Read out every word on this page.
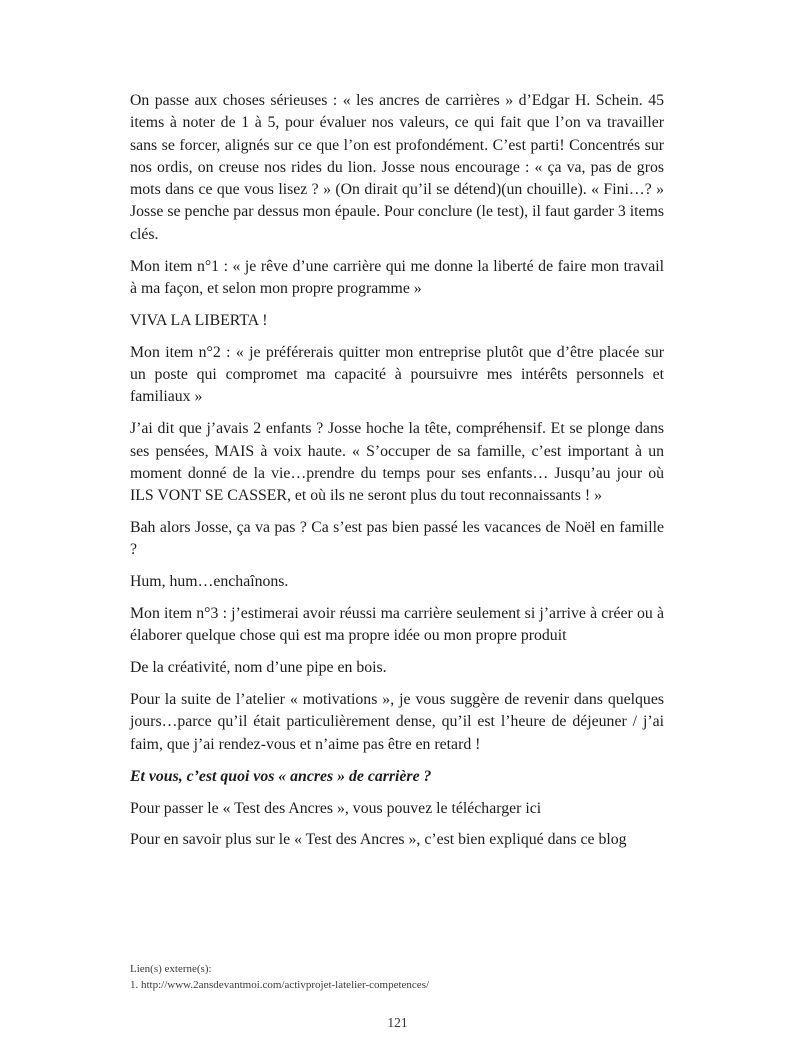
On passe aux choses sérieuses : « les ancres de carrières » d’Edgar H. Schein. 45 items à noter de 1 à 5, pour évaluer nos valeurs, ce qui fait que l’on va travailler sans se forcer, alignés sur ce que l’on est profondément. C’est parti! Concentrés sur nos ordis, on creuse nos rides du lion. Josse nous encourage : « ça va, pas de gros mots dans ce que vous lisez ? » (On dirait qu’il se détend)(un chouille). « Fini…? » Josse se penche par dessus mon épaule. Pour conclure (le test), il faut garder 3 items clés.

Mon item n°1 : « je rêve d’une carrière qui me donne la liberté de faire mon travail à ma façon, et selon mon propre programme »

VIVA LA LIBERTA !

Mon item n°2 : « je préférerais quitter mon entreprise plutôt que d’être placée sur un poste qui compromet ma capacité à poursuivre mes intérêts personnels et familiaux »

J’ai dit que j’avais 2 enfants ? Josse hoche la tête, compréhensif. Et se plonge dans ses pensées, MAIS à voix haute. « S’occuper de sa famille, c’est important à un moment donné de la vie…prendre du temps pour ses enfants… Jusqu’au jour où ILS VONT SE CASSER, et où ils ne seront plus du tout reconnaissants ! »

Bah alors Josse, ça va pas ? Ca s’est pas bien passé les vacances de Noël en famille ?

Hum, hum…enchaînons.

Mon item n°3 : j’estimerai avoir réussi ma carrière seulement si j’arrive à créer ou à élaborer quelque chose qui est ma propre idée ou mon propre produit

De la créativité, nom d’une pipe en bois.

Pour la suite de l’atelier « motivations », je vous suggère de revenir dans quelques jours…parce qu’il était particulièrement dense, qu’il est l’heure de déjeuner / j’ai faim, que j’ai rendez-vous et n’aime pas être en retard !

Et vous, c’est quoi vos « ancres » de carrière ?

Pour passer le « Test des Ancres », vous pouvez le télécharger ici

Pour en savoir plus sur le « Test des Ancres », c’est bien expliqué dans ce blog

Lien(s) externe(s):
1. http://www.2ansdevantmoi.com/activprojet-latelier-competences/
121
